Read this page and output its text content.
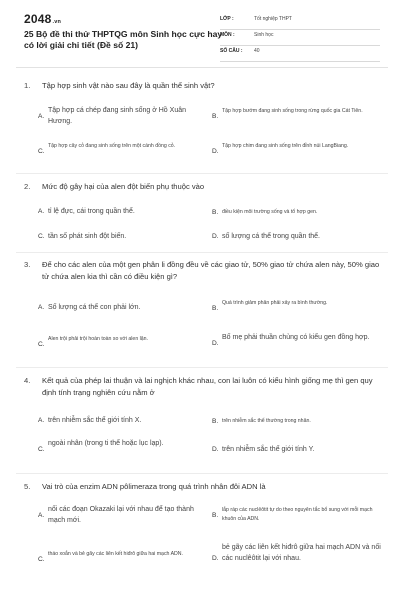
2048.vn
25 Bộ đề thi thử THPTQG môn Sinh học cực hay có lời giải chi tiết (Đề số 21)
LỚP :	Tốt nghiệp THPT
MÔN :	Sinh học
SỐ CÂU : 40
1. Tập hợp sinh vật nào sau đây là quần thể sinh vật?
A.
Tập hợp cá chép đang sinh sống ở Hồ Xuân Hương.
B.
Tập hợp bướm đang sinh sống trong rừng quốc gia Cát Tiên.
C.
Tập hợp cây cỏ đang sinh sống trên một cánh đồng cỏ.
D.
Tập hợp chim đang sinh sống trên đỉnh núi LangBiang.
2. Mức độ gây hại của alen đột biến phụ thuộc vào
A. tỉ lệ đực, cái trong quần thể.	B. điều kiện môi trường sống và tổ hợp gen.
C. tần số phát sinh đột biến.	D. số lượng cá thể trong quần thể.
3. Để cho các alen của một gen phân li đồng đều về các giao tử, 50% giao tử chứa alen này, 50% giao tử chứa alen kia thì cần có điều kiện gì?
A. Số lượng cá thể con phải lớn.	B.
Quá trình giảm phân phải xảy ra bình thường.
C.
Alen trội phải trội hoàn toàn so với alen lặn.
D.
Bố mẹ phải thuần chủng có kiểu gen đồng hợp.
4. Kết quả của phép lai thuận và lai nghịch khác nhau, con lai luôn có kiểu hình giống mẹ thì gen quy định tính trạng nghiên cứu nằm ở
A. trên nhiễm sắc thể giới tính X.	B. trên nhiễm sắc thể thường trong nhân.
C.
ngoài nhân (trong ti thể hoặc lục lạp).
D. trên nhiễm sắc thể giới tính Y.
5. Vai trò của enzim ADN pôlimeraza trong quá trình nhân đôi ADN là
A.
nối các đoạn Okazaki lại với nhau để tạo thành mạch mới.
B.
lắp ráp các nuclêôtit tự do theo nguyên tắc bổ sung với mỗi mạch khuôn của ADN.
C.
tháo xoắn và bẻ gãy các liên kết hiđrô giữa hai mạch ADN.
D.
bẻ gãy các liên kết hiđrô giữa hai mạch ADN và nối các nuclêôtit lại với nhau.
